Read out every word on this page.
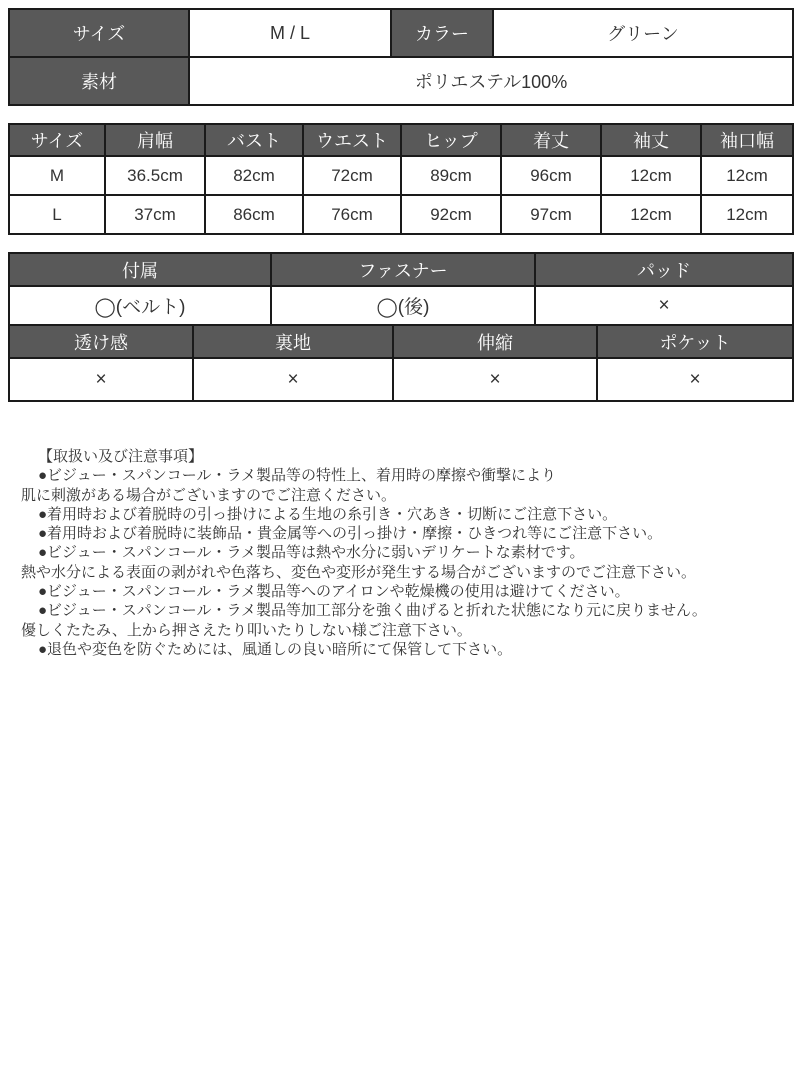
サイズ	M / L	カラー	グリーン
素材	ポリエステル100%		
サイズ	肩幅	バスト	ウエスト	ヒップ	着丈	袖丈	袖口幅
M	36.5cm	82cm	72cm	89cm	96cm	12cm	12cm
L	37cm	86cm	76cm	92cm	97cm	12cm	12cm
付属	ファスナー	パッド
◯(ベルト)	◯(後)	×
透け感	裏地	伸縮	ポケット
×	×	×	×
【取扱い及び注意事項】
●ビジュー・スパンコール・ラメ製品等の特性上、着用時の摩擦や衝撃により
肌に刺激がある場合がございますのでご注意ください。
●着用時および着脱時の引っ掛けによる生地の糸引き・穴あき・切断にご注意下さい。
●着用時および着脱時に装飾品・貴金属等への引っ掛け・摩擦・ひきつれ等にご注意下さい。
●ビジュー・スパンコール・ラメ製品等は熱や水分に弱いデリケートな素材です。
熱や水分による表面の剥がれや色落ち、変色や変形が発生する場合がございますのでご注意下さい。
●ビジュー・スパンコール・ラメ製品等へのアイロンや乾燥機の使用は避けてください。
●ビジュー・スパンコール・ラメ製品等加工部分を強く曲げると折れた状態になり元に戻りません。
優しくたたみ、上から押さえたり叩いたりしない様ご注意下さい。
●退色や変色を防ぐためには、風通しの良い暗所にて保管して下さい。
